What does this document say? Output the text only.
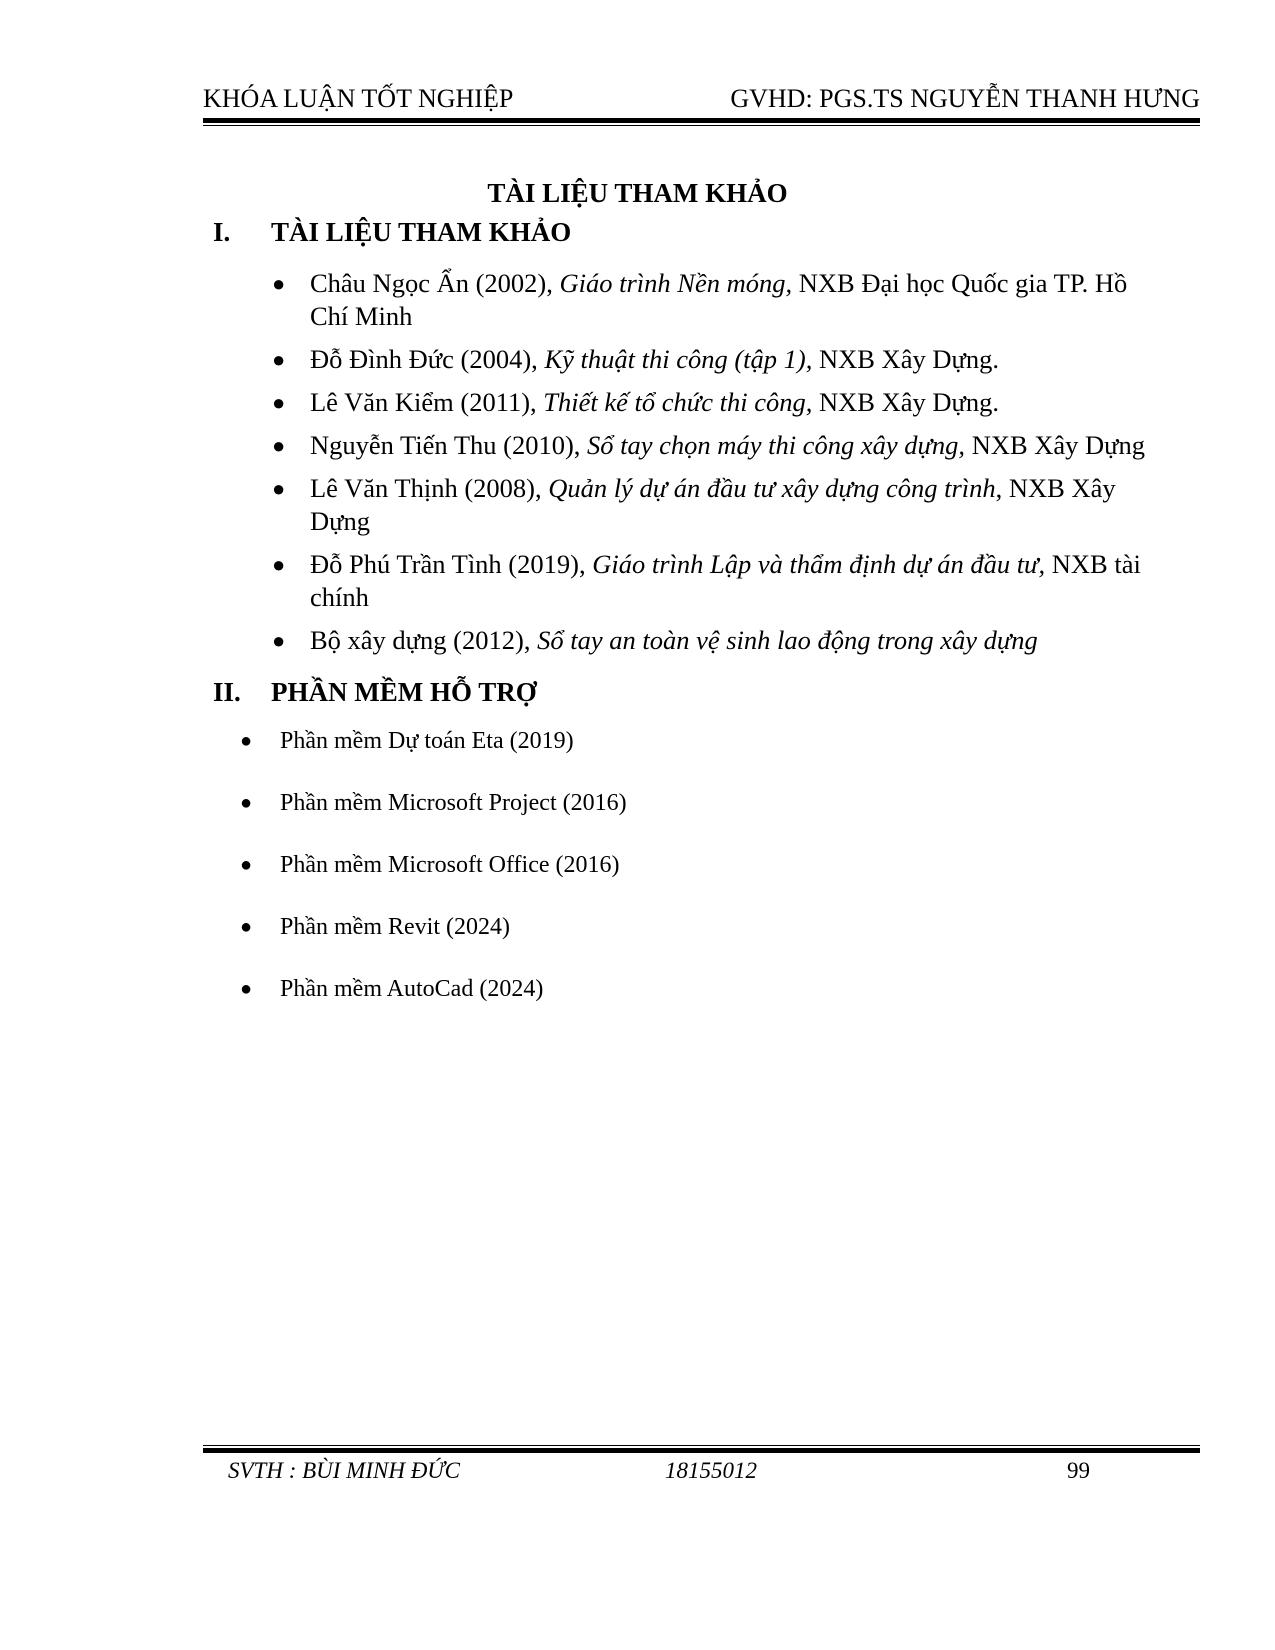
KHÓA LUẬN TỐT NGHIỆP	GVHD: PGS.TS NGUYỄN THANH HƯNG
TÀI LIỆU THAM KHẢO
I. TÀI LIỆU THAM KHẢO
● Châu Ngọc Ẩn (2002), Giáo trình Nền móng, NXB Đại học Quốc gia TP. Hồ Chí Minh
● Đỗ Đình Đức (2004), Kỹ thuật thi công (tập 1), NXB Xây Dựng.
● Lê Văn Kiểm (2011), Thiết kế tổ chức thi công, NXB Xây Dựng.
● Nguyễn Tiến Thu (2010), Sổ tay chọn máy thi công xây dựng, NXB Xây Dựng
● Lê Văn Thịnh (2008), Quản lý dự án đầu tư xây dựng công trình, NXB Xây Dựng
● Đỗ Phú Trần Tình (2019), Giáo trình Lập và thẩm định dự án đầu tư, NXB tài chính
● Bộ xây dựng (2012), Sổ tay an toàn vệ sinh lao động trong xây dựng
II. PHẦN MỀM HỖ TRỢ
● Phần mềm Dự toán Eta (2019)
● Phần mềm Microsoft Project (2016)
● Phần mềm Microsoft Office (2016)
● Phần mềm Revit (2024)
● Phần mềm AutoCad (2024)
SVTH : BÙI MINH ĐỨC	18155012	99
